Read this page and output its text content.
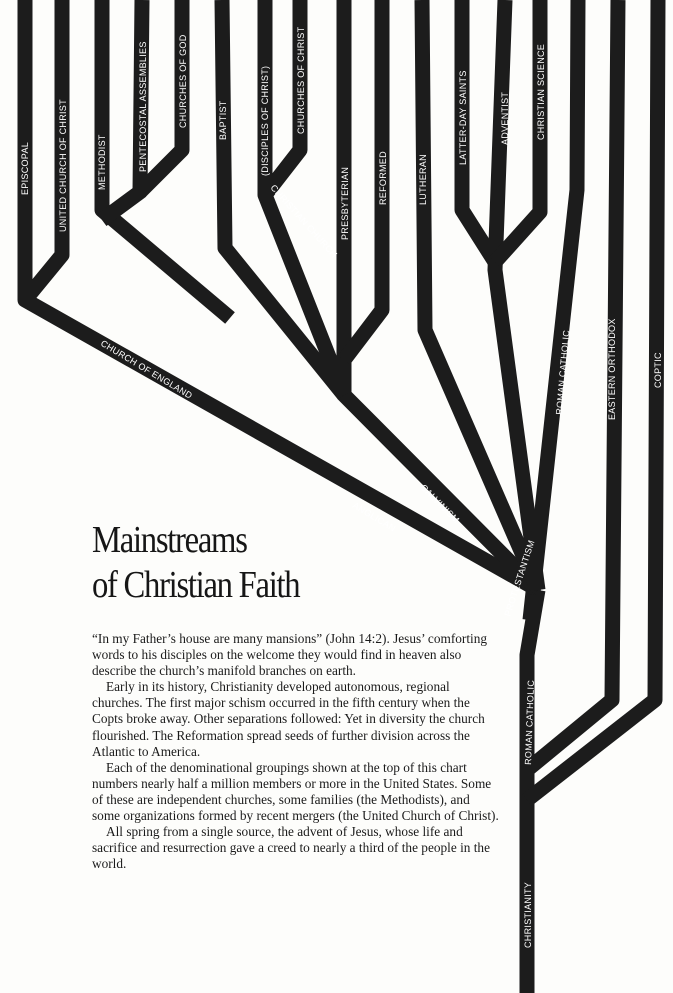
EPISCOPAL	UNITED CHURCH OF CHRIST	METHODIST	PENTECOSTAL ASSEMBLIES	CHURCHES OF GOD	BAPTIST	(DISCIPLES OF CHRIST)	CHURCHES OF CHRIST
CHRISTIAN CHURCH PRESBYTERIAN	REFORMED	LUTHERAN
LATTER-DAY SAINTS	ADVENTIST	CHRISTIAN SCIENCE
ROMAN CATHOLIC	EASTERN ORTHODOX	COPTIC
CHURCH OF ENGLAND
ANGLICAN CALVINISM
PROTESTANTISM
ROMAN CATHOLIC
CHRISTIANITY
Mainstreams
of Christian Faith

“In my Father’s house are many mansions” (John 14:2). Jesus’ comforting words to his disciples on the welcome they would find in heaven also describe the church’s manifold branches on earth.

Early in its history, Christianity developed autonomous, regional churches. The first major schism occurred in the fifth century when the Copts broke away. Other separations followed: Yet in diversity the church flourished. The Reformation spread seeds of further division across the Atlantic to America.

Each of the denominational groupings shown at the top of this chart numbers nearly half a million members or more in the United States. Some of these are independent churches, some families (the Methodists), and some organizations formed by recent mergers (the United Church of Christ).

All spring from a single source, the advent of Jesus, whose life and sacrifice and resurrection gave a creed to nearly a third of the people in the world.
